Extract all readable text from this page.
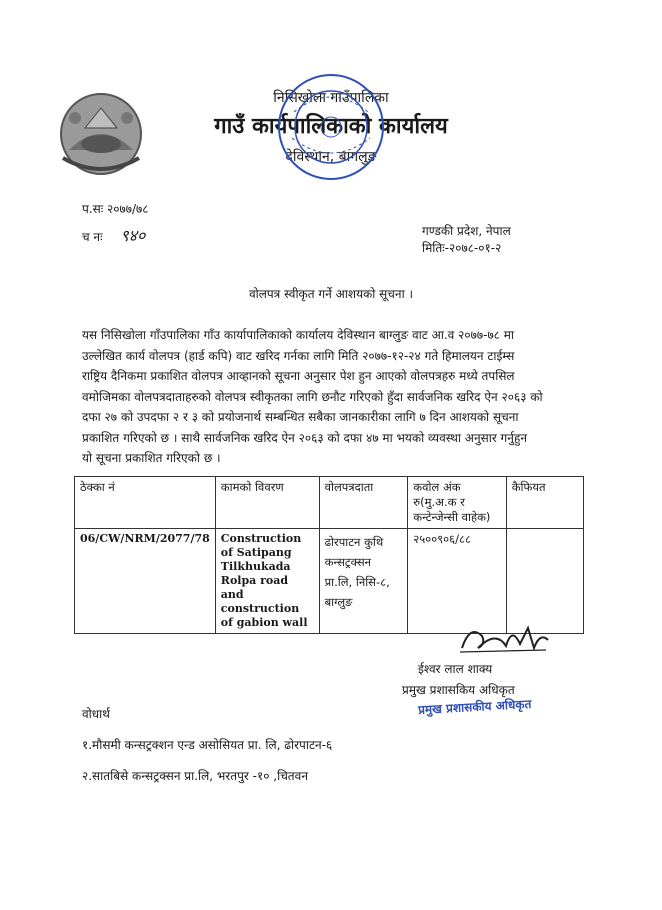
निसिखोला गाउँपालिका
गाउँ कार्यपालिकाको कार्यालय
देविस्थान, बागलुङ
प.सः २०७७/७८
च नः ९४०	गण्डकी प्रदेश, नेपाल
मितिः-२०७८-०१-२
वोलपत्र स्वीकृत गर्ने आशयको सूचना ।
यस निसिखोला गाँउपालिका गाँउ कार्यापालिकाको कार्यालय देविस्थान बाग्लुङ वाट आ.व २०७७-७८ मा
उल्लेखित कार्य वोलपत्र (हार्ड कपि) वाट खरिद गर्नका लागि मिति २०७७-१२-२४ गते हिमालयन टाईम्स
राष्ट्रिय दैनिकमा प्रकाशित वोलपत्र आव्हानको सूचना अनुसार पेश हुन आएको वोलपत्रहरु मध्ये तपसिल
वमोजिमका वोलपत्रदाताहरुको वोलपत्र स्वीकृतका लागि छनौट गरिएको हुँदा सार्वजनिक खरिद ऐन २०६३ को
दफा २७ को उपदफा २ र ३ को प्रयोजनार्थ सम्बन्धित सबैका जानकारीका लागि ७ दिन आशयको सूचना
प्रकाशित गरिएको छ । साथै सार्वजनिक खरिद ऐन २०६३ को दफा ४७ मा भयको व्यवस्था अनुसार गर्नुहुन
यो सूचना प्रकाशित गरिएको छ ।
ठेक्का नं	कामको विवरण	वोलपत्रदाता	कवोल अंक रु(मु.अ.क र कन्टेन्जेन्सी वाहेक)	कैफियत
06/CW/NRM/2077/78	Construction of Satipang Tilkhukada Rolpa road and construction of gabion wall	ढोरपाटन कुथि कन्सट्रक्सन प्रा.लि, निसि-८, बाग्लुङ	२५००९०६/८८	
ईश्वर लाल शाक्य
प्रमुख प्रशासकिय अधिकृत
प्रमुख प्रशासकीय अधिकृत
वोधार्थ
१.मौसमी कन्सट्रक्शन एन्ड असोसियत प्रा. लि, ढोरपाटन-६
२.सातबिसे कन्सट्रक्सन प्रा.लि, भरतपुर -१० ,चितवन
